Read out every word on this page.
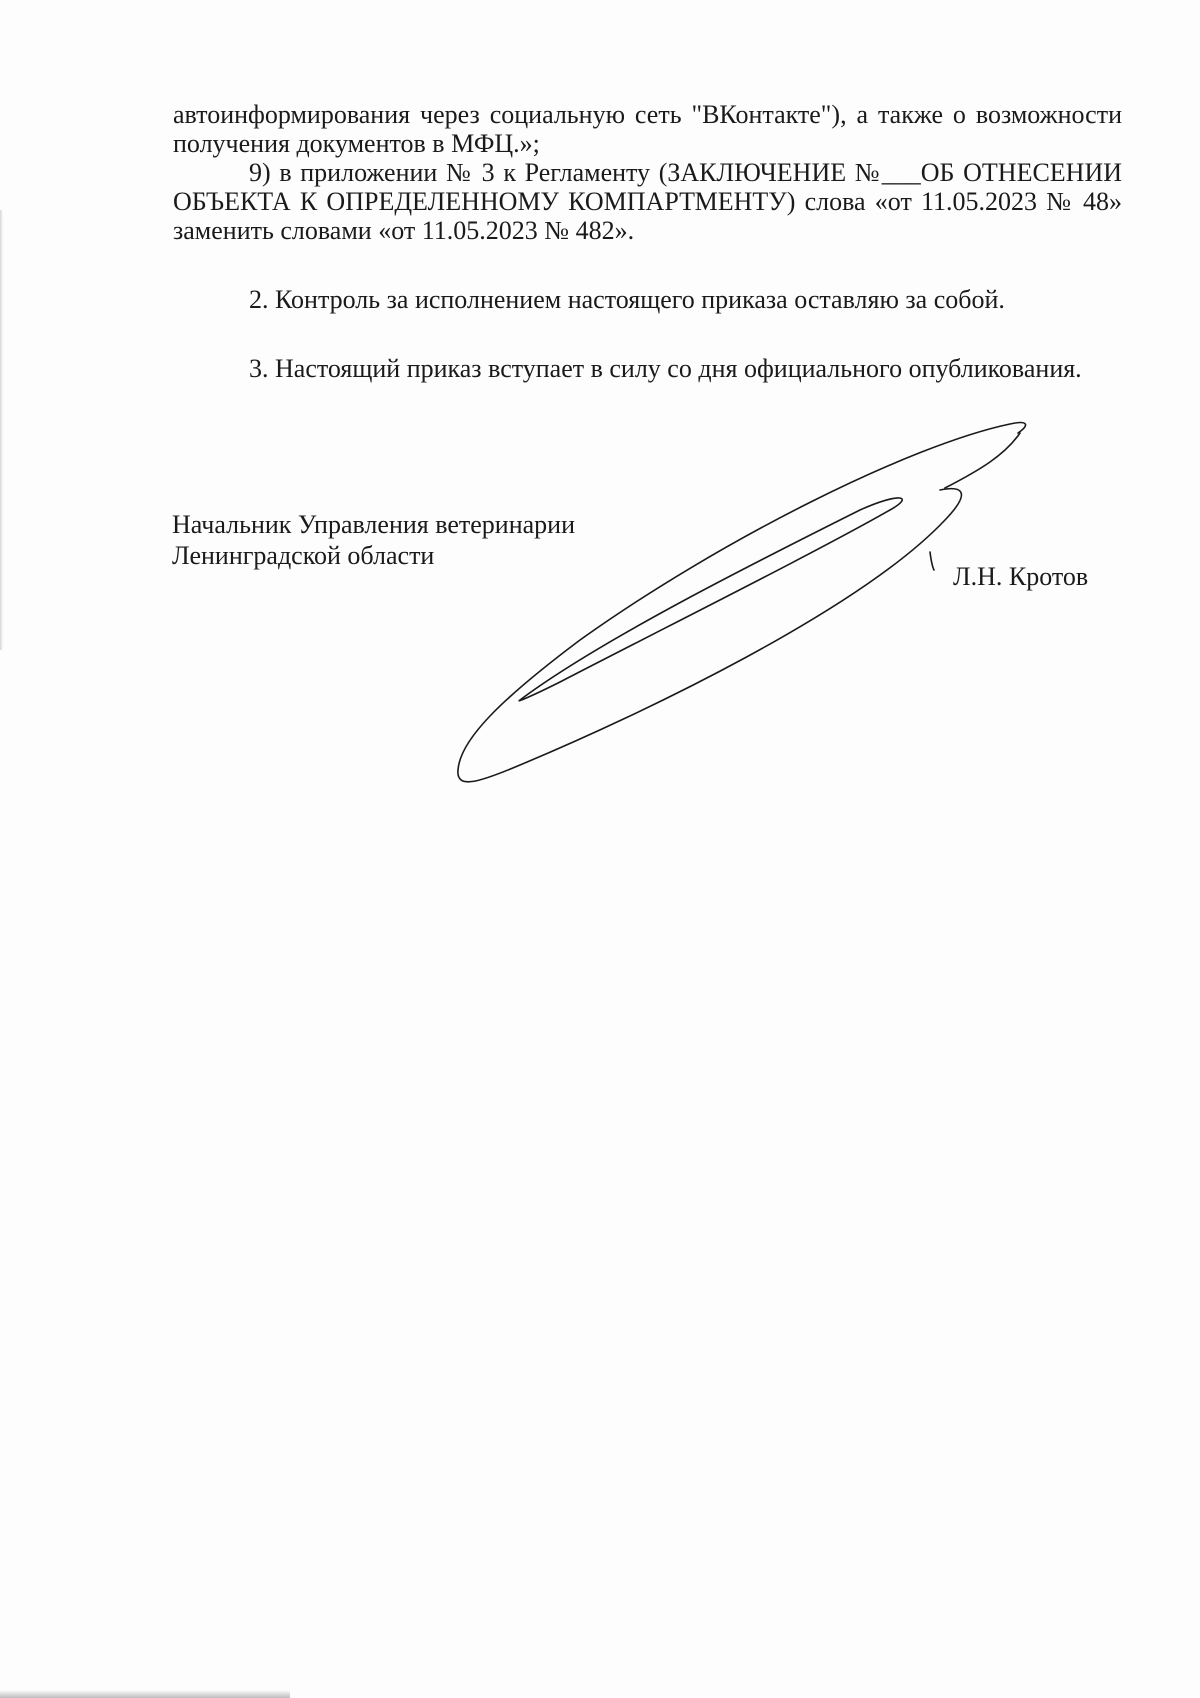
автоинформирования через социальную сеть "ВКонтакте"), а также о возможности получения документов в МФЦ.»;

9) в приложении № 3 к Регламенту (ЗАКЛЮЧЕНИЕ №___ОБ ОТНЕСЕНИИ ОБЪЕКТА К ОПРЕДЕЛЕННОМУ КОМПАРТМЕНТУ) слова «от 11.05.2023 № 48» заменить словами «от 11.05.2023 № 482».

2. Контроль за исполнением настоящего приказа оставляю за собой.

3. Настоящий приказ вступает в силу со дня официального опубликования.

Начальник Управления ветеринарии
Ленинградской области
Л.Н. Кротов
